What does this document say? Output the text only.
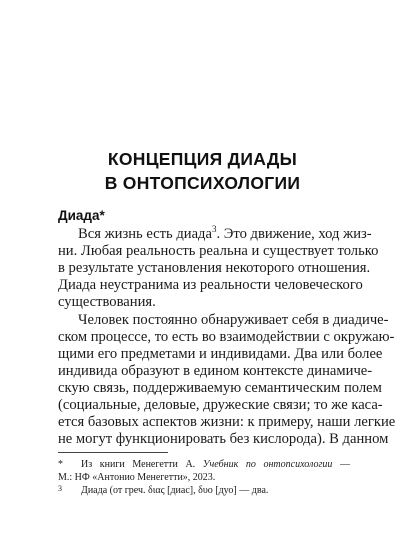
КОНЦЕПЦИЯ ДИАДЫ
В ОНТОПСИХОЛОГИИ
Диада*
Вся жизнь есть диада$^3$. Это движение, ход жиз-
ни. Любая реальность реальна и существует только
в результате установления некоторого отношения.
Диада неустранима из реальности человеческого
существования.
Человек постоянно обнаруживает себя в диадиче-
ском процессе, то есть во взаимодействии с окружаю-
щими его предметами и индивидами. Два или более
индивида образуют в едином контексте динамиче-
скую связь, поддерживаемую семантическим полем
(социальные, деловые, дружеские связи; то же каса-
ется базовых аспектов жизни: к примеру, наши легкие
не могут функционировать без кислорода). В данном
* Из книги Менегетти А. Учебник по онтопсихологии —
М.: НФ «Антонио Менегетти», 2023.
3 Диада (от греч. διας [диас], δυο [дуо] — два.
